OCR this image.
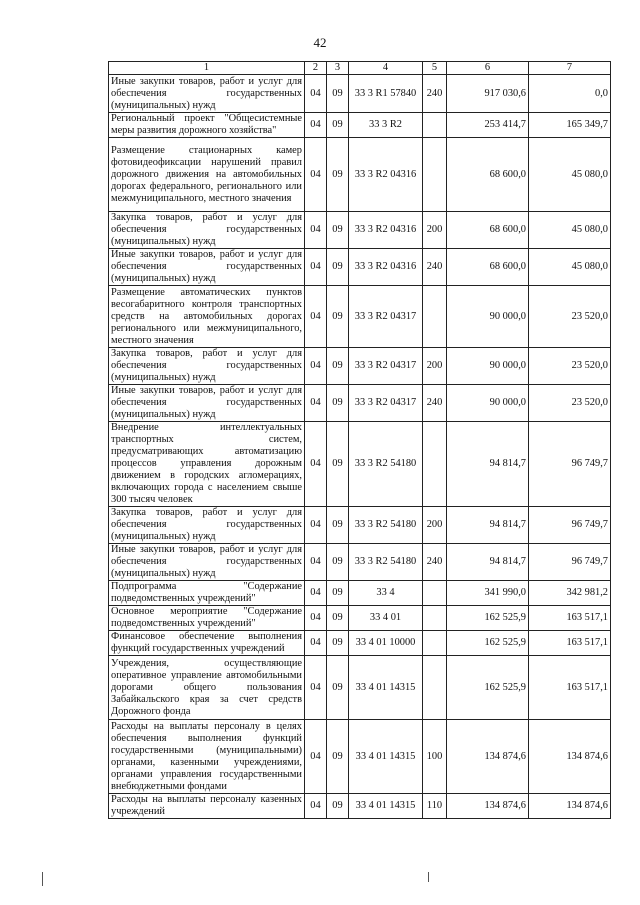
42
1	2	3	4	5	6	7
Иные закупки товаров, работ и услуг для обеспечения государственных (муниципальных) нужд	04	09	33 3 R1 57840	240	917 030,6	0,0
Региональный проект "Общесистемные меры развития дорожного хозяйства"	04	09	33 3 R2		253 414,7	165 349,7
Размещение стационарных камер фотовидеофиксации нарушений правил дорожного движения на автомобильных дорогах федерального, регионального или межмуниципального, местного значения	04	09	33 3 R2 04316		68 600,0	45 080,0
Закупка товаров, работ и услуг для обеспечения государственных (муниципальных) нужд	04	09	33 3 R2 04316	200	68 600,0	45 080,0
Иные закупки товаров, работ и услуг для обеспечения государственных (муниципальных) нужд	04	09	33 3 R2 04316	240	68 600,0	45 080,0
Размещение автоматических пунктов весогабаритного контроля транспортных средств на автомобильных дорогах регионального или межмуниципального, местного значения	04	09	33 3 R2 04317		90 000,0	23 520,0
Закупка товаров, работ и услуг для обеспечения государственных (муниципальных) нужд	04	09	33 3 R2 04317	200	90 000,0	23 520,0
Иные закупки товаров, работ и услуг для обеспечения государственных (муниципальных) нужд	04	09	33 3 R2 04317	240	90 000,0	23 520,0
Внедрение интеллектуальных транспортных систем, предусматривающих автоматизацию процессов управления дорожным движением в городских агломерациях, включающих города с населением свыше 300 тысяч человек	04	09	33 3 R2 54180		94 814,7	96 749,7
Закупка товаров, работ и услуг для обеспечения государственных (муниципальных) нужд	04	09	33 3 R2 54180	200	94 814,7	96 749,7
Иные закупки товаров, работ и услуг для обеспечения государственных (муниципальных) нужд	04	09	33 3 R2 54180	240	94 814,7	96 749,7
Подпрограмма "Содержание подведомственных учреждений"	04	09	33 4		341 990,0	342 981,2
Основное мероприятие "Содержание подведомственных учреждений"	04	09	33 4 01		162 525,9	163 517,1
Финансовое обеспечение выполнения функций государственных учреждений	04	09	33 4 01 10000		162 525,9	163 517,1
Учреждения, осуществляющие оперативное управление автомобильными дорогами общего пользования Забайкальского края за счет средств Дорожного фонда	04	09	33 4 01 14315		162 525,9	163 517,1
Расходы на выплаты персоналу в целях обеспечения выполнения функций государственными (муниципальными) органами, казенными учреждениями, органами управления государственными внебюджетными фондами	04	09	33 4 01 14315	100	134 874,6	134 874,6
Расходы на выплаты персоналу казенных учреждений	04	09	33 4 01 14315	110	134 874,6	134 874,6
